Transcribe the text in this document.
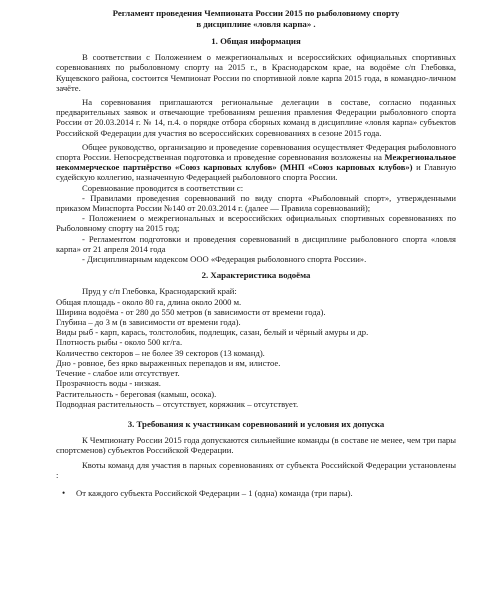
Регламент проведения Чемпионата России 2015 по рыболовному спорту

в дисциплине «ловля карпа» .

1. Общая информация

В соответствии с Положением о межрегиональных и всероссийских официальных спортивных соревнованиях по рыболовному спорту на 2015 г., в Краснодарском крае, на водоёме с/п Глебовка, Кущевского района, состоится Чемпионат России по спортивной ловле карпа 2015 года, в командно-личном зачёте.

На соревнования приглашаются региональные делегации в составе, согласно поданных предварительных заявок и отвечающие требованиям решения правления Федерации рыболовного спорта России от 20.03.2014 г. № 14, п.4. о порядке отбора сборных команд в дисциплине «ловля карпа» субъектов Российской Федерации для участия во всероссийских соревнованиях в сезоне 2015 года.

Общее руководство, организацию и проведение соревнования осуществляет Федерация рыболовного спорта России. Непосредственная подготовка и проведение соревнования возложены на Межрегиональное некоммерческое партнёрство «Союз карповых клубов» (МНП «Союз карповых клубов») и Главную судейскую коллегию, назначенную Федерацией рыболовного спорта России.

Соревнование проводится в соответствии с:

- Правилами проведения соревнований по виду спорта «Рыболовный спорт», утвержденными приказом Минспорта России №140 от 20.03.2014 г. (далее — Правила соревнований);

- Положением о межрегиональных и всероссийских официальных спортивных соревнованиях по Рыболовному спорту на 2015 год;

- Регламентом подготовки и проведения соревнований в дисциплине рыболовного спорта «ловля карпа» от 21 апреля 2014 года

- Дисциплинарным кодексом ООО «Федерация рыболовного спорта России».

2. Характеристика водоёма

Пруд у с/п Глебовка, Краснодарский край:

Общая площадь - около 80 га, длина около 2000 м.

Ширина водоёма - от 280 до 550 метров (в зависимости от времени года).

Глубина – до 3 м (в зависимости от времени года).

Виды рыб - карп, карась, толстолобик, подлещик, сазан, белый и чёрный амуры и др.

Плотность рыбы - около 500 кг/га.

Количество секторов – не более 39 секторов (13 команд).

Дно - ровное, без ярко выраженных перепадов и ям, илистое.

Течение - слабое или отсутствует.

Прозрачность воды - низкая.

Растительность - береговая (камыш, осока).

Подводная растительность – отсутствует, коряжник – отсутствует.

3. Требования к участникам соревнований и условия их допуска

К Чемпионату России 2015 года допускаются сильнейшие команды (в составе не менее, чем три пары спортсменов) субъектов Российской Федерации.

Квоты команд для участия в парных соревнованиях от субъекта Российской Федерации установлены :

•	От каждого субъекта Российской Федерации – 1 (одна) команда (три пары).
